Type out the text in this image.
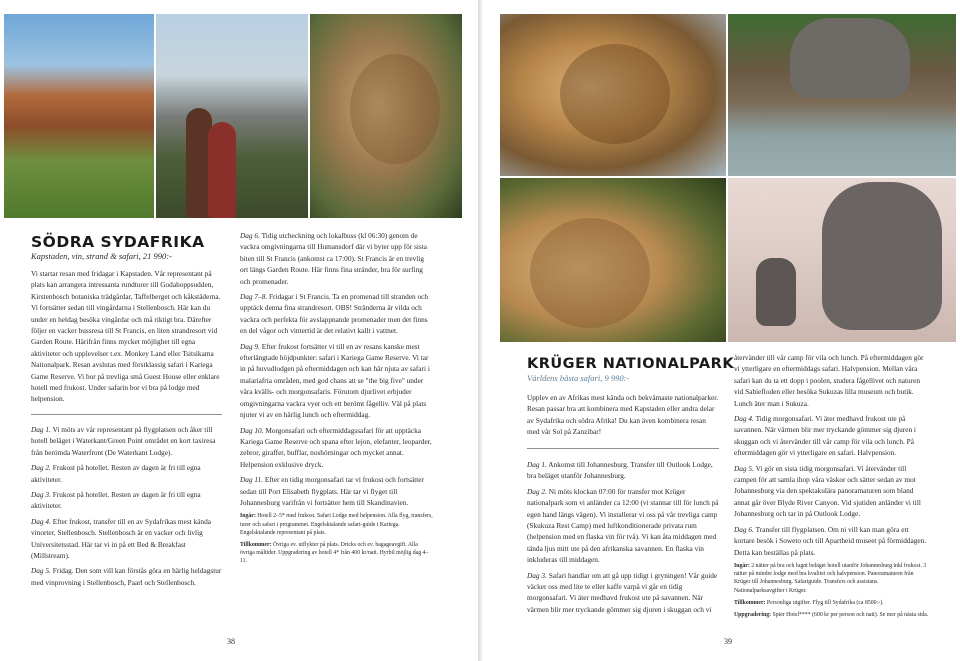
SÖDRA SYDAFRIKA
Kapstaden, vin, strand & safari, 21 990:-

Vi startar resan med fridagar i Kapstaden. Vår representant på plats kan arrangera intressanta rundturer till Godahoppsudden, Kirstenbosch botaniska trädgårdar, Taffelberget och kåkstäderna. Vi fortsätter sedan till vingårdarna i Stellenbosch. Här kan du under en heldag besöka vingårdar och må riktigt bra. Därefter följer en vacker bussresa till St Francis, en liten strandresort vid Garden Route. Härifrån finns mycket möjlighet till egna aktiviteter och upplevelser t.ex. Monkey Land eller Tsitsikama Nationalpark. Resan avslutas med förstklassig safari i Kariega Game Reserve. Vi bor på trevliga små Guest House eller enklare hotell med frukost. Under safarin bor vi bra på lodge med helpension.

Dag 1. Vi möts av vår representant på flygplatsen och åker till hotell beläget i Waterkant/Green Point området en kort taxiresa från berömda Waterfront (De Waterkant Lodge).

Dag 2. Frukost på hotellet. Resten av dagen är fri till egna aktiviteter.

Dag 3. Frukost på hotellet. Resten av dagen är fri till egna aktiviteter.

Dag 4. Efter frukost, transfer till en av Sydafrikas mest kända vinorter, Stellenbosch. Stellenbosch är en vacker och livlig Universitetsstad. Här tar vi in på ett Bed & Breakfast (Millstream).

Dag 5. Fridag. Den som vill kan förstås göra en härlig heldagstur med vinprovning i Stellenbosch, Paarl och Stellenbosch.

Dag 6. Tidig utcheckning och lokalbuss (kl 06:30) genom de vackra omgivningarna till Humansdorf där vi byter upp för sista biten till St Francis (ankomst ca 17:00). St Francis är en trevlig ort längs Garden Route. Här finns fina stränder, bra för surfing och promenader.

Dag 7–8. Fridagar i St Francis. Ta en promenad till stranden och upptäck denna fina strandresort. OBS! Stränderna är vilda och vackra och perfekta för avslappnande promenader men det finns en del vågor och vintertid är det relativt kallt i vattnet.

Dag 9. Efter frukost fortsätter vi till en av resans kanske mest efterlängtade höjdpunkter: safari i Kariega Game Reserve. Vi tar in på huvudlodgen på eftermiddagen och kan här njuta av safari i malariafria områden, med god chans att se "the big five" under våra kvälls- och morgonsafaris. Förutom djurlivet erbjuder omgivningarna vackra vyer och ett berömt fågelliv. Väl på plats njuter vi av en härlig lunch och eftermiddag.

Dag 10. Morgonsafari och eftermiddagssafari för att upptäcka Kariega Game Reserve och spana efter lejon, elefanter, leoparder, zebror, giraffer, bufflar, noshörningar och mycket annat. Helpension exklusive dryck.

Dag 11. Efter en tidig morgonsafari tar vi frukost och fortsätter sedan till Port Elisabeth flygplats. Här tar vi flyget till Johannesburg varifrån vi fortsätter hem till Skandinavien.

Ingår: Hotell 2–5* med frukost. Safari Lodge med helpension. Alla flyg, transfers, turer och safari i programmet. Engelsktalande safari-guide i Kariega. Engelsktalande representant på plats.

Tillkommer: Övriga ev. utflykter på plats. Dricks och ev. bagageavgift. Alla övriga måltider. Uppgradering av hotell 4* från 400 kr/natt. Hyrbil möjlig dag 4–11.

38
KRÜGER NATIONALPARK
Världens bästa safari, 9 990:-

Upplev en av Afrikas mest kända och bekvämaste nationalparker. Resan passar bra att kombinera med Kapstaden eller andra delar av Sydafrika och södra Afrika! Du kan även kombinera resan med vår Sol på Zanzibar!

Dag 1. Ankomst till Johannesburg. Transfer till Outlook Lodge, bra beläget utanför Johannesburg.

Dag 2. Ni möts klockan 07:00 för transfer mot Krüger nationalpark som vi anländer ca 12:00 (vi stannar till för lunch på egen hand längs vägen). Vi installerar vi oss på vår trevliga camp (Skukuza Rest Camp) med luftkonditionerade privata rum (helpension med en flaska vin för två). Vi kan åta middagen med tända ljus mitt ute på den afrikanska savannen. En flaska vin inkluderas till middagen.

Dag 3. Safari handlar om att gå upp tidigt i gryningen! Vår guide väcker oss med lite te eller kaffe varpå vi går en tidig morgonsafari. Vi äter medhavd frukost ute på savannen. När värmen blir mer tryckande gömmer sig djuren i skuggan och vi

återvänder till vår camp för vila och lunch. På eftermiddagen gör vi ytterligare en eftermiddags safari. Halvpension. Mellan våra safari kan du ta ett dopp i poolen, studera fågellivet och naturen vid Sabiefloden eller besöka Sukuzas lilla museum och butik. Lunch äter man i Sukuza.

Dag 4. Tidig morgonsafari. Vi äter medhavd frukost ute på savannen. När värmen blir mer tryckande gömmer sig djuren i skuggan och vi återvänder till vår camp för vila och lunch. På eftermiddagen gör vi ytterligare en safari. Halvpension.

Dag 5. Vi gör en sista tidig morgonsafari. Vi återvänder till campen för att samla ihop våra väskor och sätter sedan av mot Johannesburg via den spektakulära panoramaturen som bland annat går över Blyde River Canyon. Vid sjutiden anländer vi till Johannesburg och tar in på Outlook Lodge.

Dag 6. Transfer till flygplatsen. Om ni vill kan man göra ett kortare besök i Soweto och till Apartheid museet på förmiddagen. Detta kan beställas på plats.

Ingår: 2 nätter på bra och lugnt beläget hotell utanför Johannesburg inkl frukost. 3 nätter på mindre lodge med bra kvalitet och halvpension. Panoramaturen från Krüger till Johannesburg. Safariguide. Transfers och assistans. Nationalparksavgifter i Krüger.

Tillkommer: Personliga utgifter. Flyg till Sydafrika (ca 8500:-).

Uppgradering: Spier Hotel**** (600 kr per person och natt). Se mer på nästa sida.

39
